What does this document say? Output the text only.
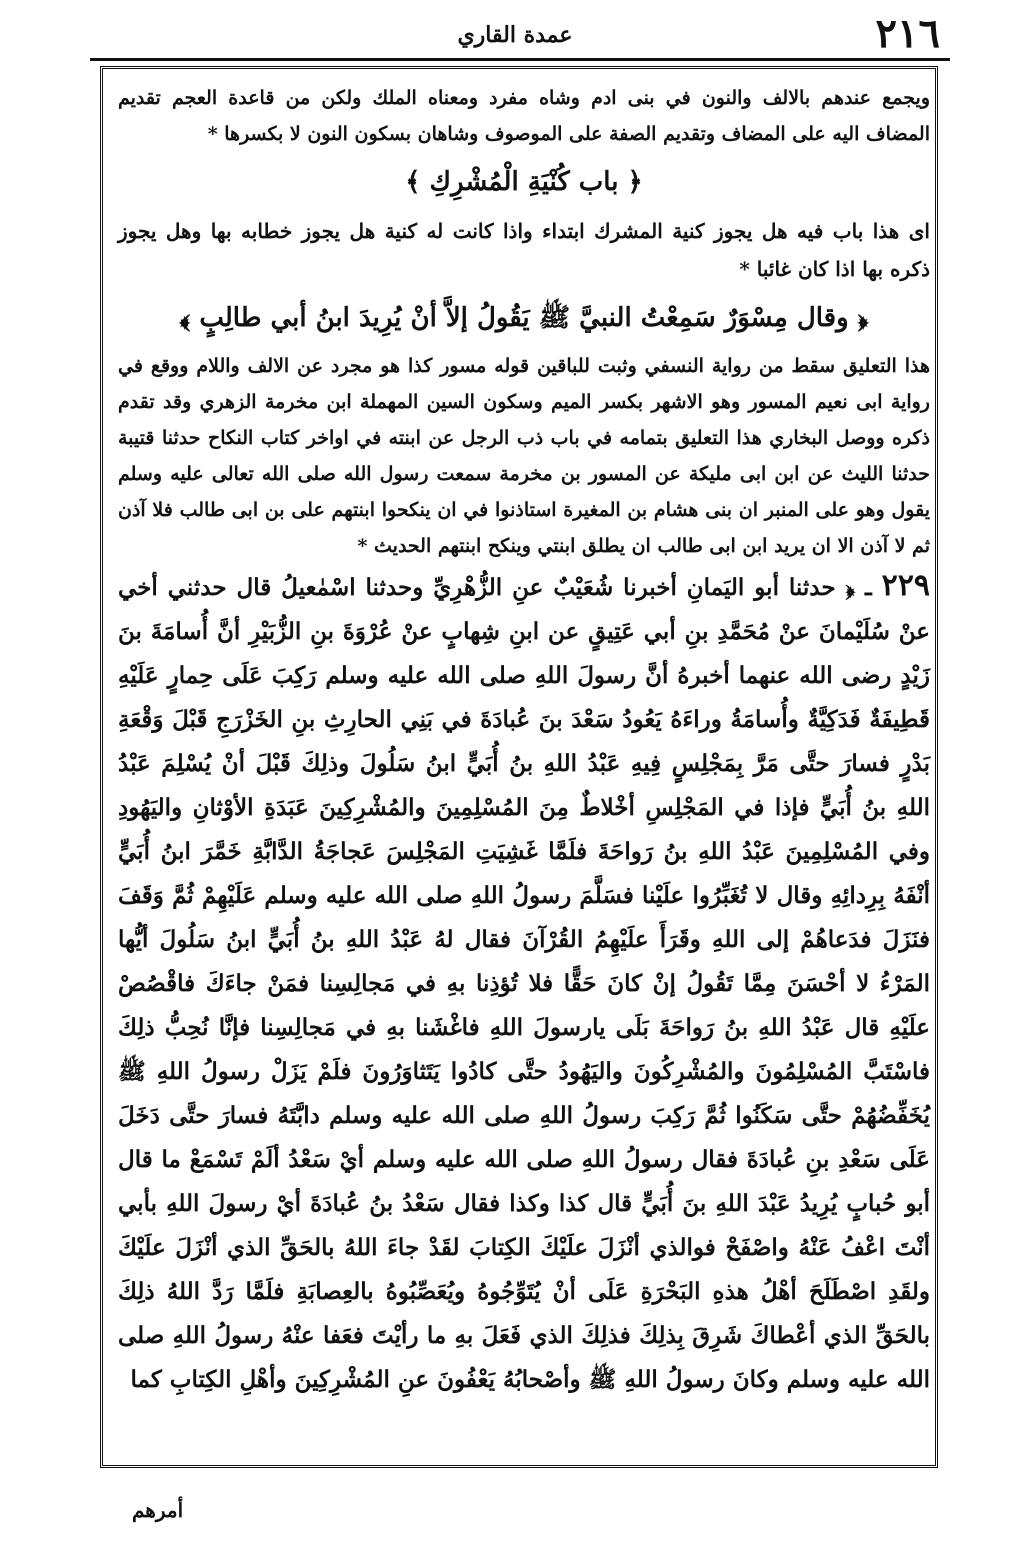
٢١٦
عمدة القاري

ويجمع عندهم بالالف والنون في بنى ادم وشاه مفرد ومعناه الملك ولكن من قاعدة العجم تقديم المضاف اليه على المضاف وتقديم الصفة على الموصوف وشاهان بسكون النون لا بكسرها *

﴿ باب كُنْيَةِ الْمُشْرِكِ ﴾

اى هذا باب فيه هل يجوز كنية المشرك ابتداء واذا كانت له كنية هل يجوز خطابه بها وهل يجوز ذكره بها اذا كان غائبا *

﴿ وقال مِسْوَرٌ سَمِعْتُ النبيَّ ﷺ يَقُولُ إلاَّ أنْ يُرِيدَ ابنُ أبي طالِبٍ ﴾

هذا التعليق سقط من رواية النسفي وثبت للباقين قوله مسور كذا هو مجرد عن الالف واللام ووقع في رواية ابى نعيم المسور وهو الاشهر بكسر الميم وسكون السين المهملة ابن مخرمة الزهري وقد تقدم ذكره ووصل البخاري هذا التعليق بتمامه في باب ذب الرجل عن ابنته في اواخر كتاب النكاح حدثنا قتيبة حدثنا الليث عن ابن ابى مليكة عن المسور بن مخرمة سمعت رسول الله صلى الله تعالى عليه وسلم يقول وهو على المنبر ان بنى هشام بن المغيرة استاذنوا في ان ينكحوا ابنتهم على بن ابى طالب فلا آذن ثم لا آذن الا ان يريد ابن ابى طالب ان يطلق ابنتي وينكح ابنتهم الحديث *

٢٢٩ ـ ﴿ حدثنا أبو اليَمانِ أخبرنا شُعَيْبٌ عنِ الزُّهْرِيِّ وحدثنا اسْمٰعيلُ قال حدثني أخي عنْ سُلَيْمانَ عنْ مُحَمَّدِ بنِ أبي عَتِيقٍ عن ابنِ شِهابٍ عنْ عُرْوَةَ بنِ الزُّبَيْرِ أنَّ أُسامَةَ بنَ زَيْدٍ رضى الله عنهما أخبرهُ أنَّ رسولَ اللهِ صلى الله عليه وسلم رَكِبَ عَلَى حِمارٍ عَلَيْهِ قَطِيفَةٌ فَدَكِيَّةٌ وأُسامَةُ وراءَهُ يَعُودُ سَعْدَ بنَ عُبادَةَ في بَنِي الحارِثِ بنِ الخَزْرَجِ قَبْلَ وَقْعَةِ بَدْرٍ فسارَ حتَّى مَرَّ بِمَجْلِسٍ فِيهِ عَبْدُ اللهِ بنُ أُبَيٍّ ابنُ سَلُولَ وذلِكَ قَبْلَ أنْ يُسْلِمَ عَبْدُ اللهِ بنُ أُبَيٍّ فإذا في المَجْلِسِ أخْلاطٌ مِنَ المُسْلِمِينَ والمُشْرِكِينَ عَبَدَةِ الأوْثانِ واليَهُودِ وفي المُسْلِمِينَ عَبْدُ اللهِ بنُ رَواحَةَ فلَمَّا غَشِيَتِ المَجْلِسَ عَجاجَةُ الدَّابَّةِ خَمَّرَ ابنُ أُبَيٍّ أنْفَهُ بِرِدائِهِ وقال لا تُغَبِّرُوا علَيْنا فسَلَّمَ رسولُ اللهِ صلى الله عليه وسلم عَلَيْهِمْ ثُمَّ وَقَفَ فنَزَلَ فدَعاهُمْ إلى اللهِ وقَرَأَ علَيْهِمُ القُرْآنَ فقال لهُ عَبْدُ اللهِ بنُ أُبَيٍّ ابنُ سَلُولَ أيُّها المَرْءُ لا أحْسَنَ مِمَّا تَقُولُ إنْ كانَ حَقًّا فلا تُؤذِنا بهِ في مَجالِسِنا فمَنْ جاءَكَ فاقْصُصْ علَيْهِ قال عَبْدُ اللهِ بنُ رَواحَةَ بَلَى يارسولَ اللهِ فاغْشَنا بهِ في مَجالِسِنا فإنَّا نُحِبُّ ذلِكَ فاسْتَبَّ المُسْلِمُونَ والمُشْرِكُونَ واليَهُودُ حتَّى كادُوا يَتَثاوَرُونَ فلَمْ يَزَلْ رسولُ اللهِ ﷺ يُخَفِّضُهُمْ حتَّى سَكَنُوا ثُمَّ رَكِبَ رسولُ اللهِ صلى الله عليه وسلم دابَّتَهُ فسارَ حتَّى دَخَلَ عَلَى سَعْدِ بنِ عُبادَةَ فقال رسولُ اللهِ صلى الله عليه وسلم أيْ سَعْدُ ألَمْ تَسْمَعْ ما قال أبو حُبابٍ يُرِيدُ عَبْدَ اللهِ بنَ أُبَيٍّ قال كذا وكذا فقال سَعْدُ بنُ عُبادَةَ أيْ رسولَ اللهِ بأبي أنْتَ اعْفُ عَنْهُ واصْفَحْ فوالذي أنْزَلَ علَيْكَ الكِتابَ لقَدْ جاءَ اللهُ بالحَقِّ الذي أنْزَلَ علَيْكَ ولقَدِ اصْطَلَحَ أهْلُ هذهِ البَحْرَةِ عَلَى أنْ يُتَوِّجُوهُ ويُعَصِّبُوهُ بالعِصابَةِ فلَمَّا رَدَّ اللهُ ذلِكَ بالحَقِّ الذي أعْطاكَ شَرِقَ بِذلِكَ فذلِكَ الذي فَعَلَ بهِ ما رأيْتَ فعَفا عنْهُ رسولُ اللهِ صلى الله عليه وسلم وكانَ رسولُ اللهِ ﷺ وأصْحابُهُ يَعْفُونَ عنِ المُشْرِكِينَ وأهْلِ الكِتابِ كما

أمرهم
